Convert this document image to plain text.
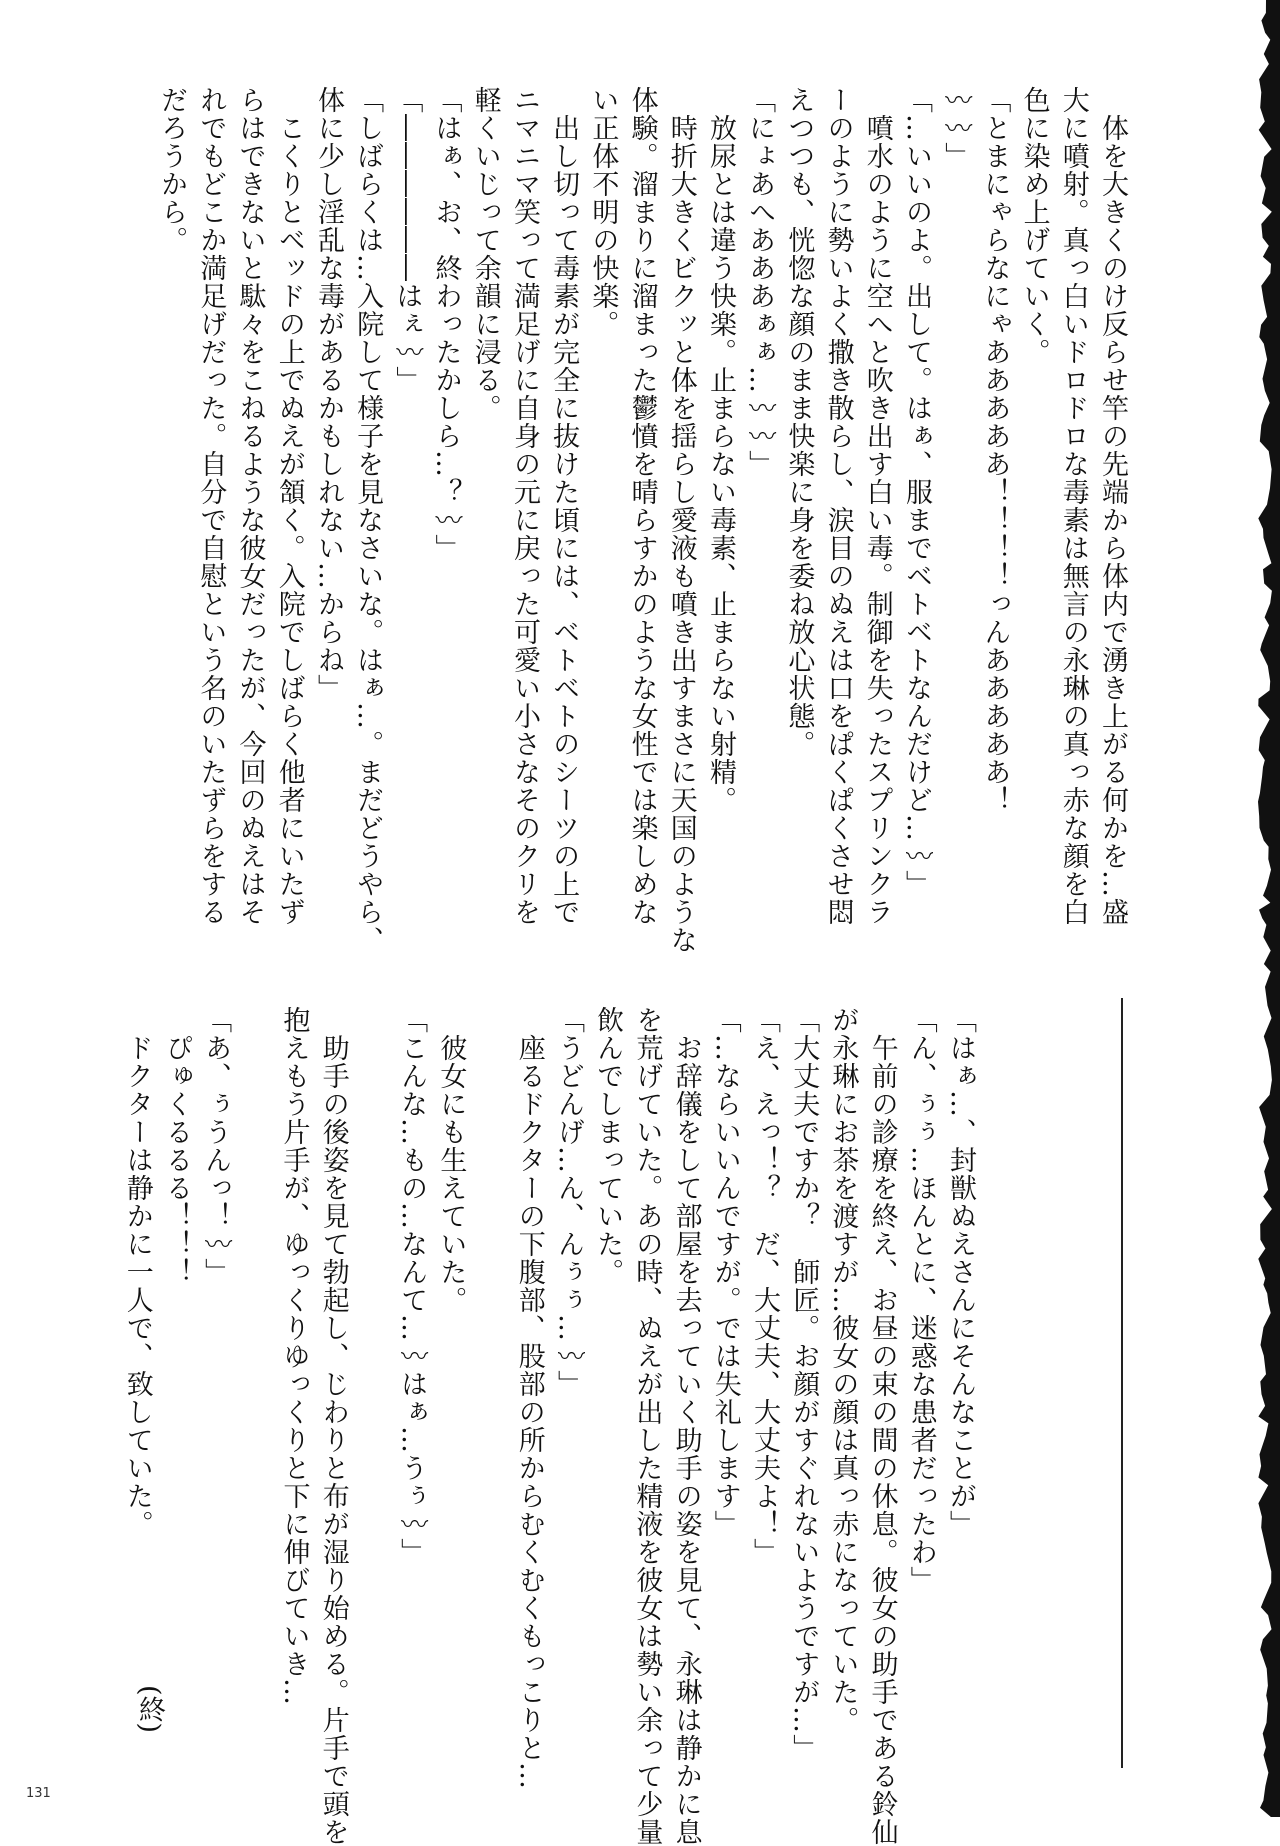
　体を大きくのけ反らせ竿の先端から体内で湧き上がる何かを…盛
大に噴射。真っ白いドロドロな毒素は無言の永琳の真っ赤な顔を白
色に染め上げていく。
「とまにゃらなにゃあああああ！！！！っんあああああ！
〰〰」
「…いいのよ。出して。はぁ、服までベトベトなんだけど…〰」
　噴水のように空へと吹き出す白い毒。制御を失ったスプリンクラ
ーのように勢いよく撒き散らし、涙目のぬえは口をぱくぱくさせ悶
えつつも、恍惚な顔のまま快楽に身を委ね放心状態。
「にょあへあああぁぁ…〰〰」
　放尿とは違う快楽。止まらない毒素、止まらない射精。
　時折大きくビクッと体を揺らし愛液も噴き出すまさに天国のような
体験。溜まりに溜まった鬱憤を晴らすかのような女性では楽しめな
い正体不明の快楽。
　出し切って毒素が完全に抜けた頃には、ベトベトのシーツの上で
ニマニマ笑って満足げに自身の元に戻った可愛い小さなそのクリを
軽くいじって余韻に浸る。
「はぁ、お、終わったかしら…？〰」
「――――――はぇ〰」
「しばらくは…入院して様子を見なさいな。はぁ…。まだどうやら、
体に少し淫乱な毒があるかもしれない…からね」
　こくりとベッドの上でぬえが頷く。入院でしばらく他者にいたず
らはできないと駄々をこねるような彼女だったが、今回のぬえはそ
れでもどこか満足げだった。自分で自慰という名のいたずらをする
だろうから。
「はぁ…、封獣ぬえさんにそんなことが」
「ん、ぅぅ…ほんとに、迷惑な患者だったわ」
　午前の診療を終え、お昼の束の間の休息。彼女の助手である鈴仙
が永琳にお茶を渡すが…彼女の顔は真っ赤になっていた。
「大丈夫ですか？　師匠。お顔がすぐれないようですが…」
「え、えっ！？　だ、大丈夫、大丈夫よ！」
「…ならいいんですが。では失礼します」
　お辞儀をして部屋を去っていく助手の姿を見て、永琳は静かに息
を荒げていた。あの時、ぬえが出した精液を彼女は勢い余って少量
飲んでしまっていた。
「うどんげ…ん、んぅぅ…〰」
　座るドクターの下腹部、股部の所からむくむくもっこりと…

　彼女にも生えていた。
「こんな…もの…なんて…〰はぁ…うぅ〰」

　助手の後姿を見て勃起し、じわりと布が湿り始める。片手で頭を
抱えもう片手が、ゆっくりゆっくりと下に伸びていき…

「あ、ぅうんっ！〰」
　ぴゅくるるる！！！
　ドクターは静かに一人で、致していた。
(終)
131
